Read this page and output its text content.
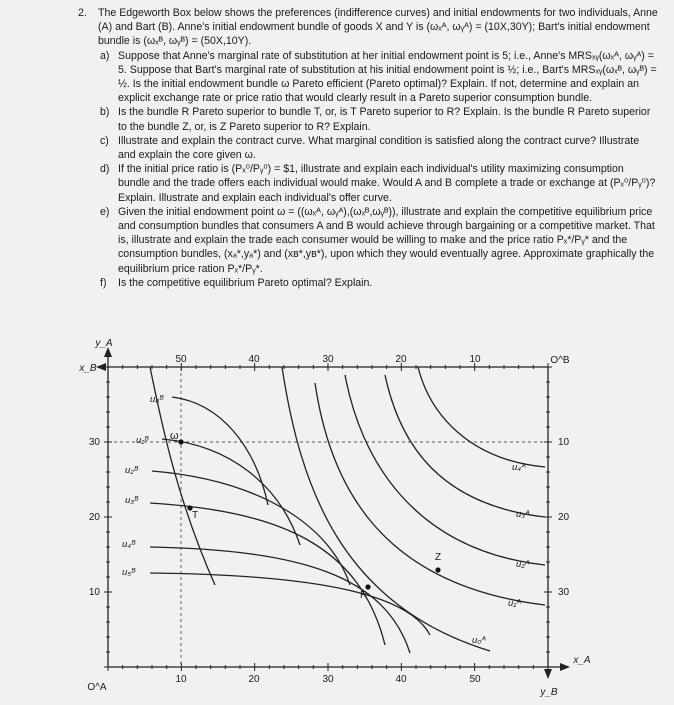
2. The Edgeworth Box below shows the preferences (indifference curves) and initial endowments for two individuals, Anne (A) and Bart (B). Anne's initial endowment bundle of goods X and Y is (ωₓᴬ, ωᵧᴬ) = (10X,30Y); Bart's initial endowment bundle is (ωₓᴮ, ωᵧᴮ) = (50X,10Y).
a) Suppose that Anne's marginal rate of substitution at her initial endowment point is 5; i.e., Anne's MRSₓᵧ(ωₓᴬ, ωᵧᴬ) = 5. Suppose that Bart's marginal rate of substitution at his initial endowment point is ½; i.e., Bart's MRSₓᵧ(ωₓᴮ, ωᵧᴮ) = ½. Is the initial endowment bundle ω Pareto efficient (Pareto optimal)? Explain. If not, determine and explain an explicit exchange rate or price ratio that would clearly result in a Pareto superior consumption bundle.
b) Is the bundle R Pareto superior to bundle T, or, is T Pareto superior to R? Explain. Is the bundle R Pareto superior to the bundle Z, or, is Z Pareto superior to R? Explain.
c) Illustrate and explain the contract curve. What marginal condition is satisfied along the contract curve? Illustrate and explain the core given ω.
d) If the initial price ratio is (Pₓ⁰/Pᵧ⁰) = $1, illustrate and explain each individual's utility maximizing consumption bundle and the trade offers each individual would make. Would A and B complete a trade or exchange at (Pₓ⁰/Pᵧ⁰)? Explain. Illustrate and explain each individual's offer curve.
e) Given the initial endowment point ω = ((ωₓᴬ, ωᵧᴬ),(ωₓᴮ,ωᵧᴮ)), illustrate and explain the competitive equilibrium price and consumption bundles that consumers A and B would achieve through bargaining or a competitive market. That is, illustrate and explain the trade each consumer would be willing to make and the price ratio Pₓ*/Pᵧ* and the consumption bundles, (xₐ*,yₐ*) and (xʙ*,yʙ*), upon which they would eventually agree. Approximate graphically the equilibrium price ration Pₓ*/Pᵧ*.
f) Is the competitive equilibrium Pareto optimal? Explain.
10	20	30	40	50
50	40	30	20	10
10
20
30	10
20
30
y_A
x_B
O^A
O^B
x_A
y_B
u₀ᴬ
u₁ᴬ
u₂ᴬ
u₃ᴬ
u₄ᴬ
u₀ᴮ
u₁ᴮ
u₂ᴮ
u₃ᴮ
u₄ᴮ
u₅ᴮ
ω
T
Z
R
